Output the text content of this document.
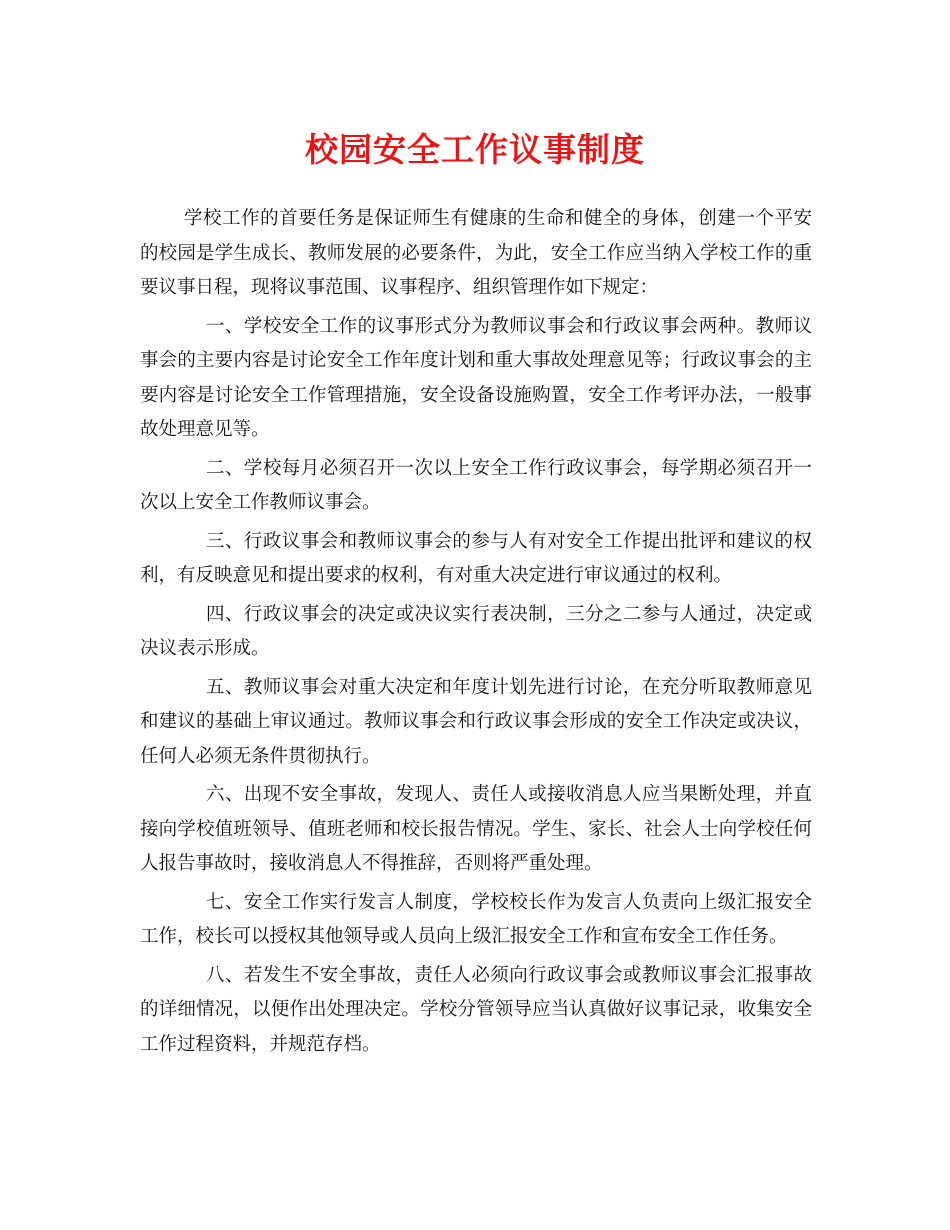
校园安全工作议事制度

学校工作的首要任务是保证师生有健康的生命和健全的身体，创建一个平安的校园是学生成长、教师发展的必要条件，为此，安全工作应当纳入学校工作的重要议事日程，现将议事范围、议事程序、组织管理作如下规定：

一、学校安全工作的议事形式分为教师议事会和行政议事会两种。教师议事会的主要内容是讨论安全工作年度计划和重大事故处理意见等；行政议事会的主要内容是讨论安全工作管理措施，安全设备设施购置，安全工作考评办法，一般事故处理意见等。

二、学校每月必须召开一次以上安全工作行政议事会，每学期必须召开一次以上安全工作教师议事会。

三、行政议事会和教师议事会的参与人有对安全工作提出批评和建议的权利，有反映意见和提出要求的权利，有对重大决定进行审议通过的权利。

四、行政议事会的决定或决议实行表决制，三分之二参与人通过，决定或决议表示形成。

五、教师议事会对重大决定和年度计划先进行讨论，在充分听取教师意见和建议的基础上审议通过。教师议事会和行政议事会形成的安全工作决定或决议，任何人必须无条件贯彻执行。

六、出现不安全事故，发现人、责任人或接收消息人应当果断处理，并直接向学校值班领导、值班老师和校长报告情况。学生、家长、社会人士向学校任何人报告事故时，接收消息人不得推辞，否则将严重处理。

七、安全工作实行发言人制度，学校校长作为发言人负责向上级汇报安全工作，校长可以授权其他领导或人员向上级汇报安全工作和宣布安全工作任务。

八、若发生不安全事故，责任人必须向行政议事会或教师议事会汇报事故的详细情况，以便作出处理决定。学校分管领导应当认真做好议事记录，收集安全工作过程资料，并规范存档。
